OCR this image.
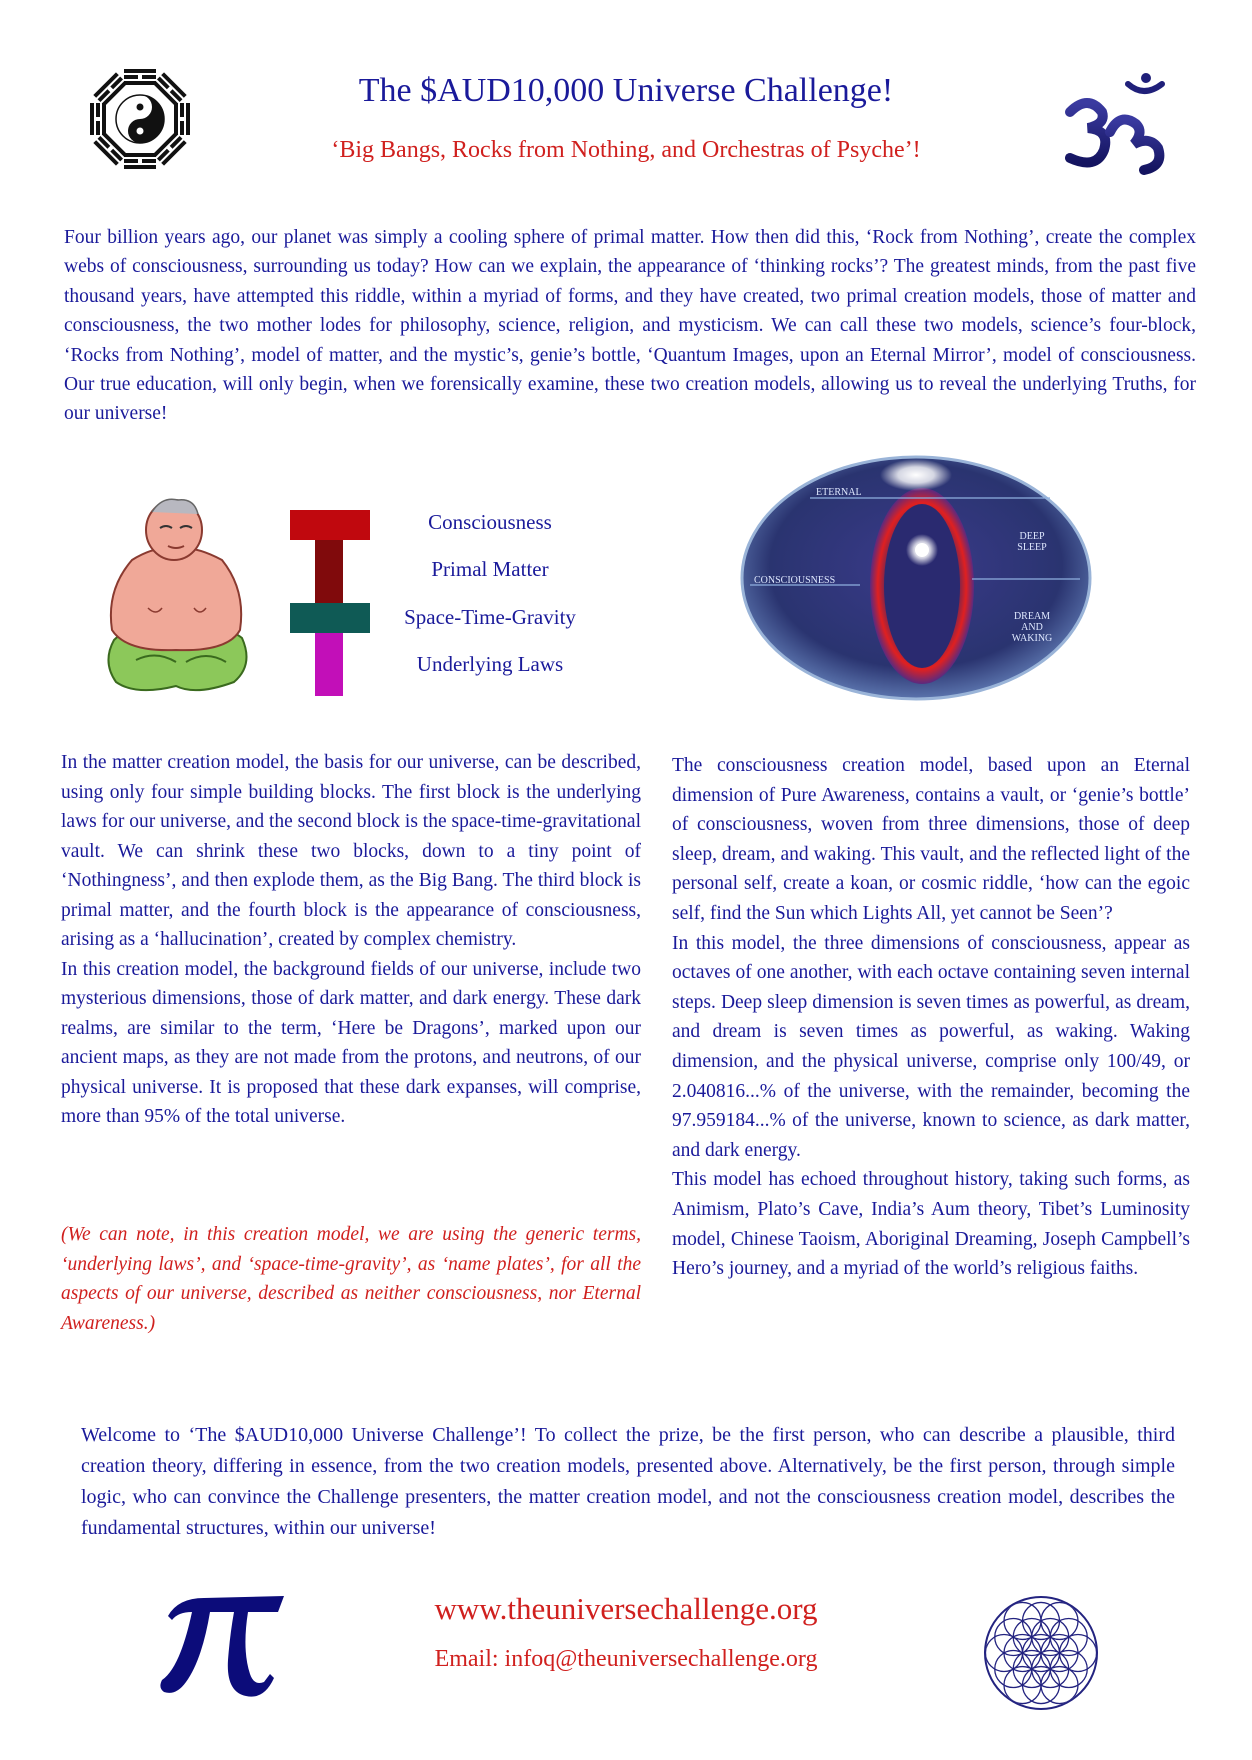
The $AUD10,000 Universe Challenge!
‘Big Bangs, Rocks from Nothing, and Orchestras of Psyche’!
Four billion years ago, our planet was simply a cooling sphere of primal matter. How then did this, ‘Rock from Nothing’, create the complex webs of consciousness, surrounding us today? How can we explain, the appearance of ‘thinking rocks’? The greatest minds, from the past five thousand years, have attempted this riddle, within a myriad of forms, and they have created, two primal creation models, those of matter and consciousness, the two mother lodes for philosophy, science, religion, and mysticism. We can call these two models, science’s four-block, ‘Rocks from Nothing’, model of matter, and the mystic’s, genie’s bottle, ‘Quantum Images, upon an Eternal Mirror’, model of consciousness. Our true education, will only begin, when we forensically examine, these two creation models, allowing us to reveal the underlying Truths, for our universe!
Consciousness
Primal Matter
Space-Time-Gravity
Underlying Laws
ETERNAL
CONSCIOUSNESS
DEEP SLEEP
DREAM AND WAKING

In the matter creation model, the basis for our universe, can be described, using only four simple building blocks. The first block is the underlying laws for our universe, and the second block is the space-time-gravitational vault. We can shrink these two blocks, down to a tiny point of ‘Nothingness’, and then explode them, as the Big Bang. The third block is primal matter, and the fourth block is the appearance of consciousness, arising as a ‘hallucination’, created by complex chemistry.

In this creation model, the background fields of our universe, include two mysterious dimensions, those of dark matter, and dark energy. These dark realms, are similar to the term, ‘Here be Dragons’, marked upon our ancient maps, as they are not made from the protons, and neutrons, of our physical universe. It is proposed that these dark expanses, will comprise, more than 95% of the total universe.

(We can note, in this creation model, we are using the generic terms, ‘underlying laws’, and ‘space-time-gravity’, as ‘name plates’, for all the aspects of our universe, described as neither consciousness, nor Eternal Awareness.)

The consciousness creation model, based upon an Eternal dimension of Pure Awareness, contains a vault, or ‘genie’s bottle’ of consciousness, woven from three dimensions, those of deep sleep, dream, and waking. This vault, and the reflected light of the personal self, create a koan, or cosmic riddle, ‘how can the egoic self, find the Sun which Lights All, yet cannot be Seen’?

In this model, the three dimensions of consciousness, appear as octaves of one another, with each octave containing seven internal steps. Deep sleep dimension is seven times as powerful, as dream, and dream is seven times as powerful, as waking. Waking dimension, and the physical universe, comprise only 100/49, or 2.040816...% of the universe, with the remainder, becoming the 97.959184...% of the universe, known to science, as dark matter, and dark energy.

This model has echoed throughout history, taking such forms, as Animism, Plato’s Cave, India’s Aum theory, Tibet’s Luminosity model, Chinese Taoism, Aboriginal Dreaming, Joseph Campbell’s Hero’s journey, and a myriad of the world’s religious faiths.

Welcome to ‘The $AUD10,000 Universe Challenge’! To collect the prize, be the first person, who can describe a plausible, third creation theory, differing in essence, from the two creation models, presented above. Alternatively, be the first person, through simple logic, who can convince the Challenge presenters, the matter creation model, and not the consciousness creation model, describes the fundamental structures, within our universe!
www.theuniversechallenge.org
Email: infoq@theuniversechallenge.org
